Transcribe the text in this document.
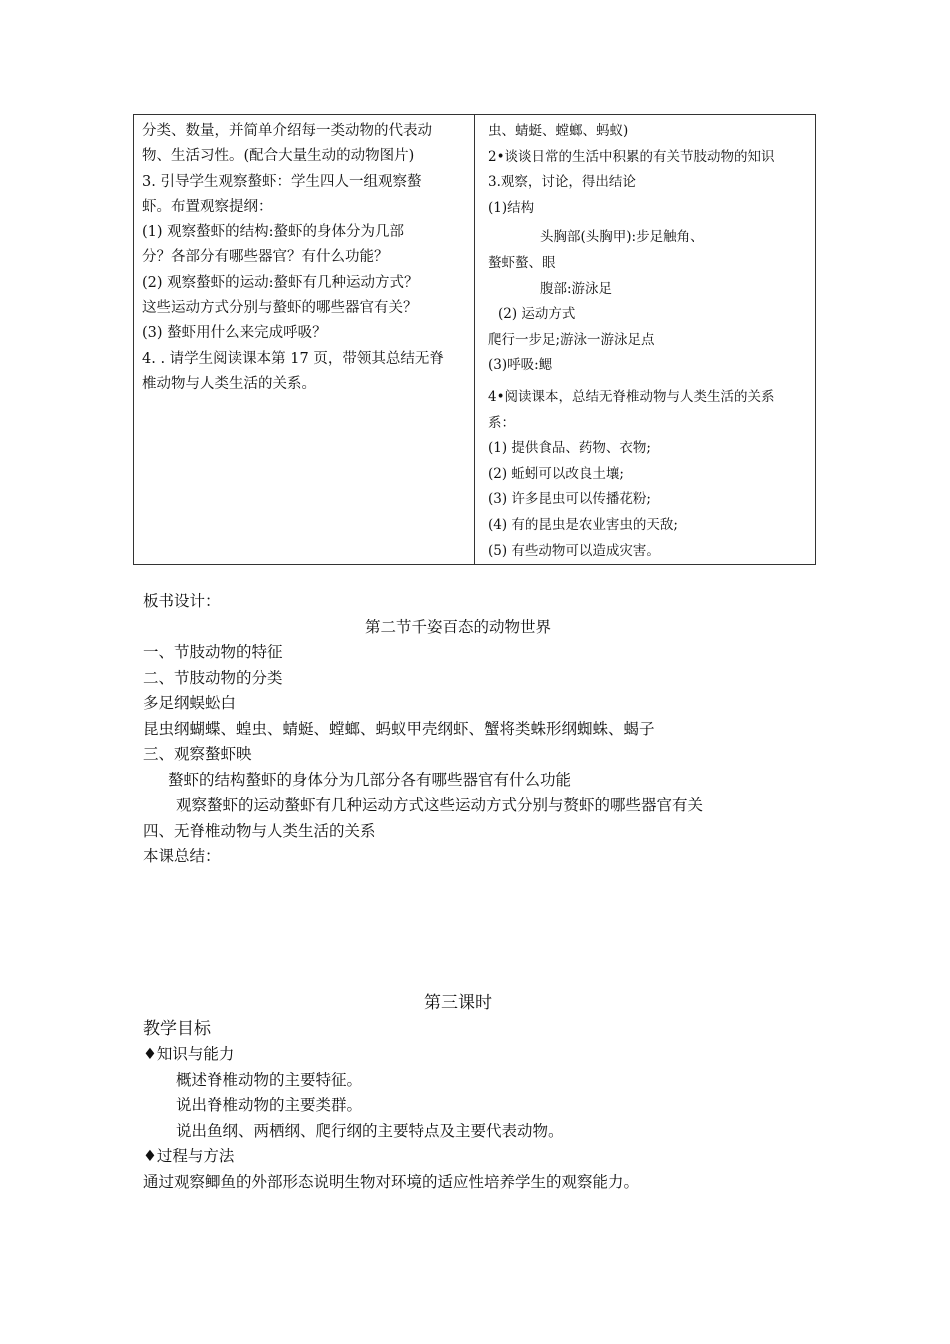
分类、数量，并简单介绍每一类动物的代表动
物、生活习性。(配合大量生动的动物图片)
3. 引导学生观察螯虾：学生四人一组观察螯
虾。布置观察提纲：
(1) 观察螯虾的结构:螯虾的身体分为几部
分？各部分有哪些器官？有什么功能？
(2) 观察螯虾的运动:螯虾有几种运动方式？
这些运动方式分别与螯虾的哪些器官有关？
(3) 螯虾用什么来完成呼吸？
4. . 请学生阅读课本第 17 页，带领其总结无脊
椎动物与人类生活的关系。
虫、蜻蜓、螳螂、蚂蚁)
2•谈谈日常的生活中积累的有关节肢动物的知识
3.观察，讨论，得出结论
(1)结构
头胸部(头胸甲):步足触角、
螯虾螯、眼
腹部:游泳足
(2) 运动方式
爬行一步足;游泳一游泳足点
(3)呼吸:鳃
4•阅读课本，总结无脊椎动物与人类生活的关系
系：
(1) 提供食品、药物、衣物;
(2) 蚯蚓可以改良土壤;
(3) 许多昆虫可以传播花粉;
(4) 有的昆虫是农业害虫的天敌;
(5) 有些动物可以造成灾害。
板书设计：
第二节千姿百态的动物世界
一、节肢动物的特征
二、节肢动物的分类
多足纲蜈蚣白
昆虫纲蝴蝶、蝗虫、蜻蜓、螳螂、蚂蚁甲壳纲虾、蟹将类蛛形纲蜘蛛、蝎子
三、观察螯虾映
螯虾的结构螯虾的身体分为几部分各有哪些器官有什么功能
观察螯虾的运动螯虾有几种运动方式这些运动方式分别与赘虾的哪些器官有关
四、无脊椎动物与人类生活的关系
本课总结：
第三课时
教学目标
♦知识与能力
概述脊椎动物的主要特征。
说出脊椎动物的主要类群。
说出鱼纲、两栖纲、爬行纲的主要特点及主要代表动物。
♦过程与方法
通过观察鲫鱼的外部形态说明生物对环境的适应性培养学生的观察能力。
